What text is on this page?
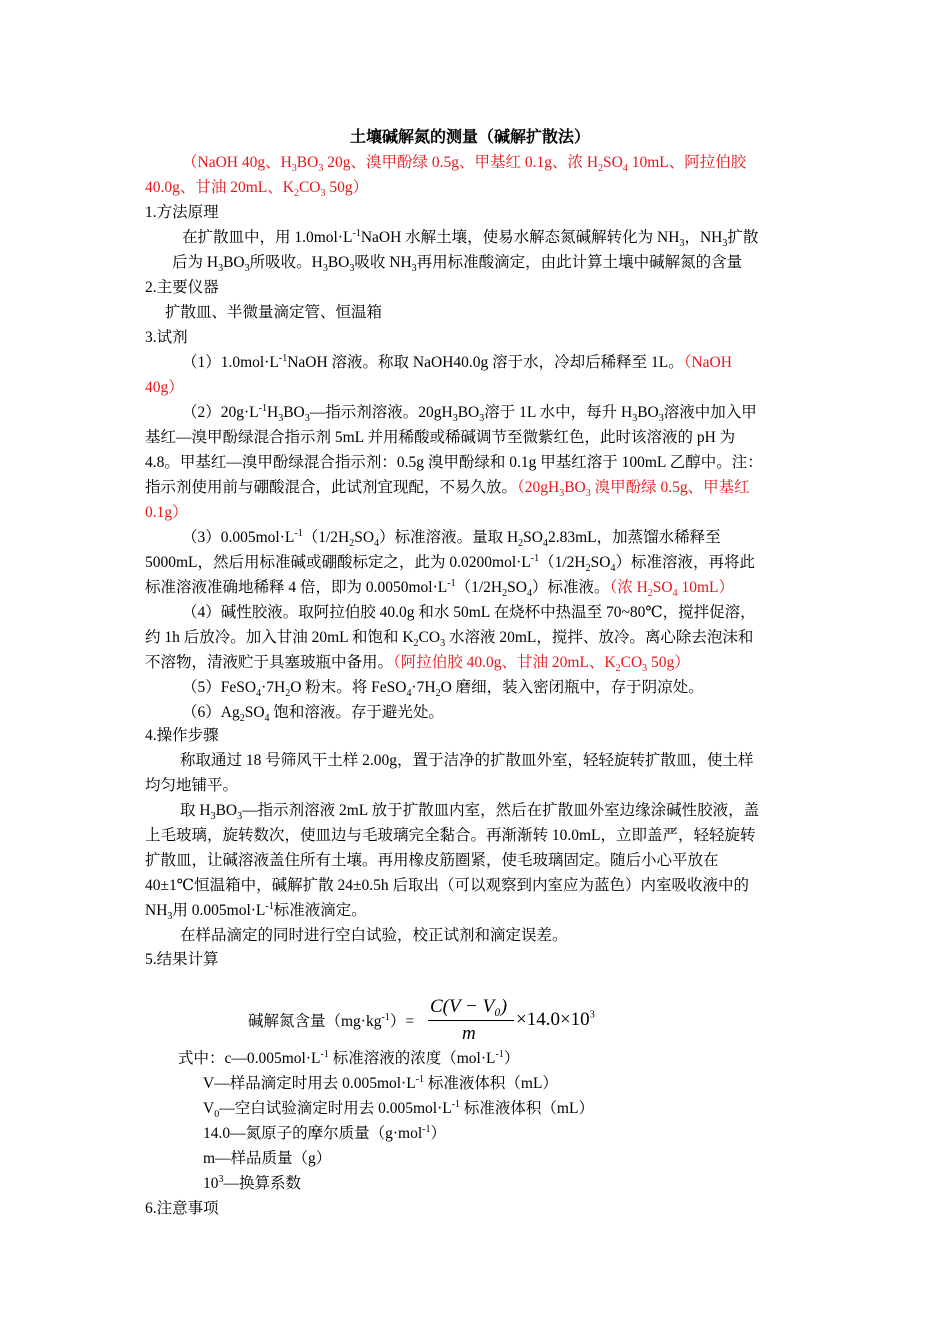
土壤碱解氮的测量（碱解扩散法）
（NaOH 40g、$H_3BO_3$ 20g、溴甲酚绿 0.5g、甲基红 0.1g、浓 $H_2SO_4$ 10mL、阿拉伯胶
40.0g、甘油 20mL、$K_2CO_3$ 50g）
1.方法原理
在扩散皿中，用 $1.0mol\cdot L^{-1}NaOH$ 水解土壤，使易水解态氮碱解转化为 $NH_3$，$NH_3$扩散
后为 $H_3BO_3$所吸收。$H_3BO_3$吸收 $NH_3$再用标准酸滴定，由此计算土壤中碱解氮的含量
2.主要仪器
扩散皿、半微量滴定管、恒温箱
3.试剂
$(1)1.0mol\cdot L^{-1}NaOH$ 溶液。称取 NaOH40.0g 溶于水，冷却后稀释至 1L。（NaOH
40g）
$(2)20g\cdot L^{-1}H_3BO_3—$指示剂溶液。$20gH_3BO_3$溶于 1L 水中，每升 $H_3BO_3$溶液中加入甲
基红—溴甲酚绿混合指示剂 5mL 并用稀酸或稀碱调节至微紫红色，此时该溶液的 pH 为
4.8。甲基红—溴甲酚绿混合指示剂：0.5g 溴甲酚绿和 0.1g 甲基红溶于 100mL 乙醇中。注：
指示剂使用前与硼酸混合，此试剂宜现配，不易久放。（$20gH_3BO_3$ 溴甲酚绿 0.5g、甲基红
0.1g）
$(3)0.005mol\cdot L^{-1}(1/2H_2SO_4)$标准溶液。量取 $H_2SO_42.83mL$，加蒸馏水稀释至
5000mL，然后用标准碱或硼酸标定之，此为 $0.0200mol\cdot L^{-1}(1/2H_2SO_4)$标准溶液，再将此
标准溶液准确地稀释 4 倍，即为 $0.0050mol\cdot L^{-1}(1/2H_2SO_4)$标准液。（浓 $H_2SO_4$ 10mL）
（4）碱性胶液。取阿拉伯胶 40.0g 和水 50mL 在烧杯中热温至 70~80℃，搅拌促溶，
约 1h 后放冷。加入甘油 20mL 和饱和 $K_2CO_3$ 水溶液 20mL，搅拌、放冷。离心除去泡沫和
不溶物，清液贮于具塞玻瓶中备用。（阿拉伯胶 40.0g、甘油 20mL、$K_2CO_3$ 50g）
$(5)FeSO_4\cdot 7H_2O$ 粉末。将 $FeSO_4\cdot 7H_2O$ 磨细，装入密闭瓶中，存于阴凉处。
$(6)Ag_2SO_4$ 饱和溶液。存于避光处。
4.操作步骤
称取通过 18 号筛风干土样 2.00g，置于洁净的扩散皿外室，轻轻旋转扩散皿，使土样
均匀地铺平。
取 $H_3BO_3—$指示剂溶液 2mL 放于扩散皿内室，然后在扩散皿外室边缘涂碱性胶液，盖
上毛玻璃，旋转数次，使皿边与毛玻璃完全黏合。再渐渐转 10.0mL，立即盖严，轻轻旋转
扩散皿，让碱溶液盖住所有土壤。再用橡皮筋圈紧，使毛玻璃固定。随后小心平放在
40±1℃恒温箱中，碱解扩散 24±0.5h 后取出（可以观察到内室应为蓝色）内室吸收液中的
$NH_3$用 $0.005mol\cdot L^{-1}$标准液滴定。
在样品滴定的同时进行空白试验，校正试剂和滴定误差。
5.结果计算
碱解氮含量$(mg\cdot kg^{-1})=$
C(V − V₀)
m
$\times 14.0\times 10^3$
式中：$c—0.005mol\cdot L^{-1}$ 标准溶液的浓度$(mol\cdot L^{-1})$
V—样品滴定时用去 $0.005mol\cdot L^{-1}$ 标准液体积（mL）
$V_0—$空白试验滴定时用去 $0.005mol\cdot L^{-1}$ 标准液体积（mL）
14.0—氮原子的摩尔质量（g·mol$^{-1}$）
m—样品质量（g）
$10^3—$换算系数
6.注意事项
